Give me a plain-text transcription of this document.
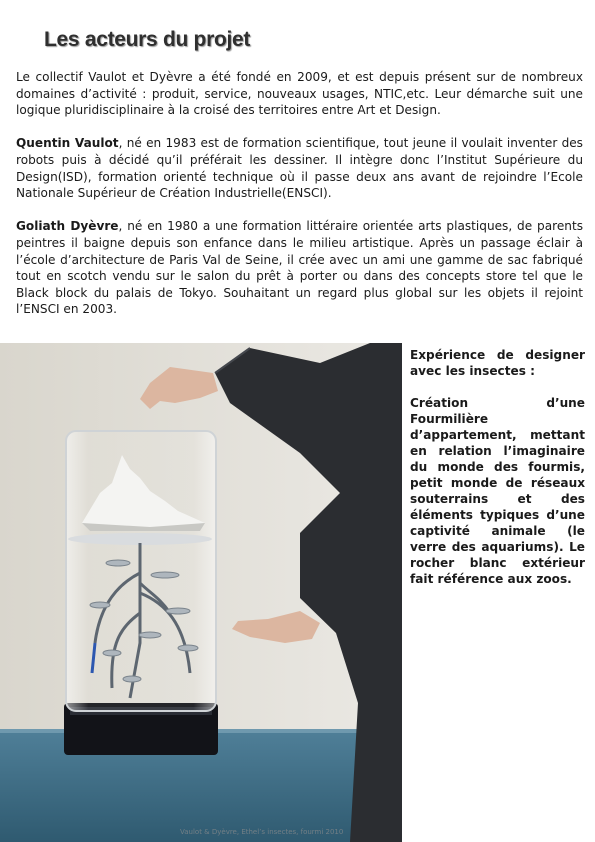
Les acteurs du projet

Le collectif Vaulot et Dyèvre a été fondé en 2009, et est depuis présent sur de nombreux domaines d’activité : produit, service, nouveaux usages, NTIC,etc. Leur démarche suit une logique pluridisciplinaire à la croisé des territoires entre Art et Design.

Quentin Vaulot, né en 1983 est de formation scientifique, tout jeune il voulait inventer des robots puis à décidé qu’il préférait les dessiner. Il intègre donc l’Institut Supérieure du Design(ISD), formation orienté technique où il passe deux ans avant de rejoindre l’Ecole Nationale Supérieur de Création Industrielle(ENSCI).

Goliath Dyèvre, né en 1980 a une formation littéraire orientée arts plastiques, de parents peintres il baigne depuis son enfance dans le milieu artistique. Après un passage éclair à l’école d’architecture de Paris Val de Seine, il crée avec un ami une gamme de sac fabriqué tout en scotch vendu sur le salon du prêt à porter ou dans des concepts store tel que le Black block du palais de Tokyo. Souhaitant un regard plus global sur les objets il rejoint l’ENSCI en 2003.

Vaulot & Dyèvre, Ethel’s insectes, fourmi 2010

Expérience de designer avec les insectes :

Création d’une Fourmilière d’appartement, mettant en relation l’imaginaire du monde des fourmis, petit monde de réseaux souterrains et des éléments typiques d’une captivité animale (le verre des aquariums). Le rocher blanc extérieur fait référence aux zoos.
